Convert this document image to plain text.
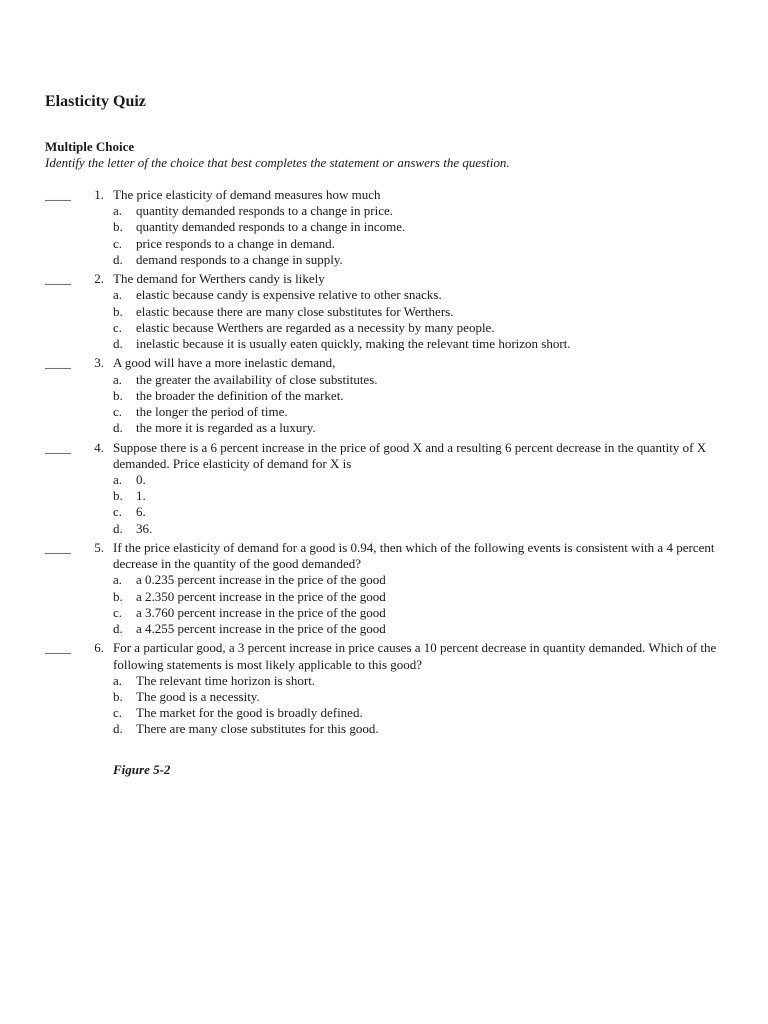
Elasticity Quiz
Multiple Choice

Identify the letter of the choice that best completes the statement or answers the question.

____	1. The price elasticity of demand measures how much
a. quantity demanded responds to a change in price.
b. quantity demanded responds to a change in income.
c. price responds to a change in demand.
d. demand responds to a change in supply.
____	2. The demand for Werthers candy is likely
a. elastic because candy is expensive relative to other snacks.
b. elastic because there are many close substitutes for Werthers.
c. elastic because Werthers are regarded as a necessity by many people.
d. inelastic because it is usually eaten quickly, making the relevant time horizon short.
____	3. A good will have a more inelastic demand,
a. the greater the availability of close substitutes.
b. the broader the definition of the market.
c. the longer the period of time.
d. the more it is regarded as a luxury.
____	4. Suppose there is a 6 percent increase in the price of good X and a resulting 6 percent decrease in the quantity of X demanded. Price elasticity of demand for X is
a. 0.
b. 1.
c. 6.
d. 36.
____	5. If the price elasticity of demand for a good is 0.94, then which of the following events is consistent with a 4 percent decrease in the quantity of the good demanded?
a. a 0.235 percent increase in the price of the good
b. a 2.350 percent increase in the price of the good
c. a 3.760 percent increase in the price of the good
d. a 4.255 percent increase in the price of the good
____	6. For a particular good, a 3 percent increase in price causes a 10 percent decrease in quantity demanded. Which of the following statements is most likely applicable to this good?
a. The relevant time horizon is short.
b. The good is a necessity.
c. The market for the good is broadly defined.
d. There are many close substitutes for this good.

Figure 5-2
